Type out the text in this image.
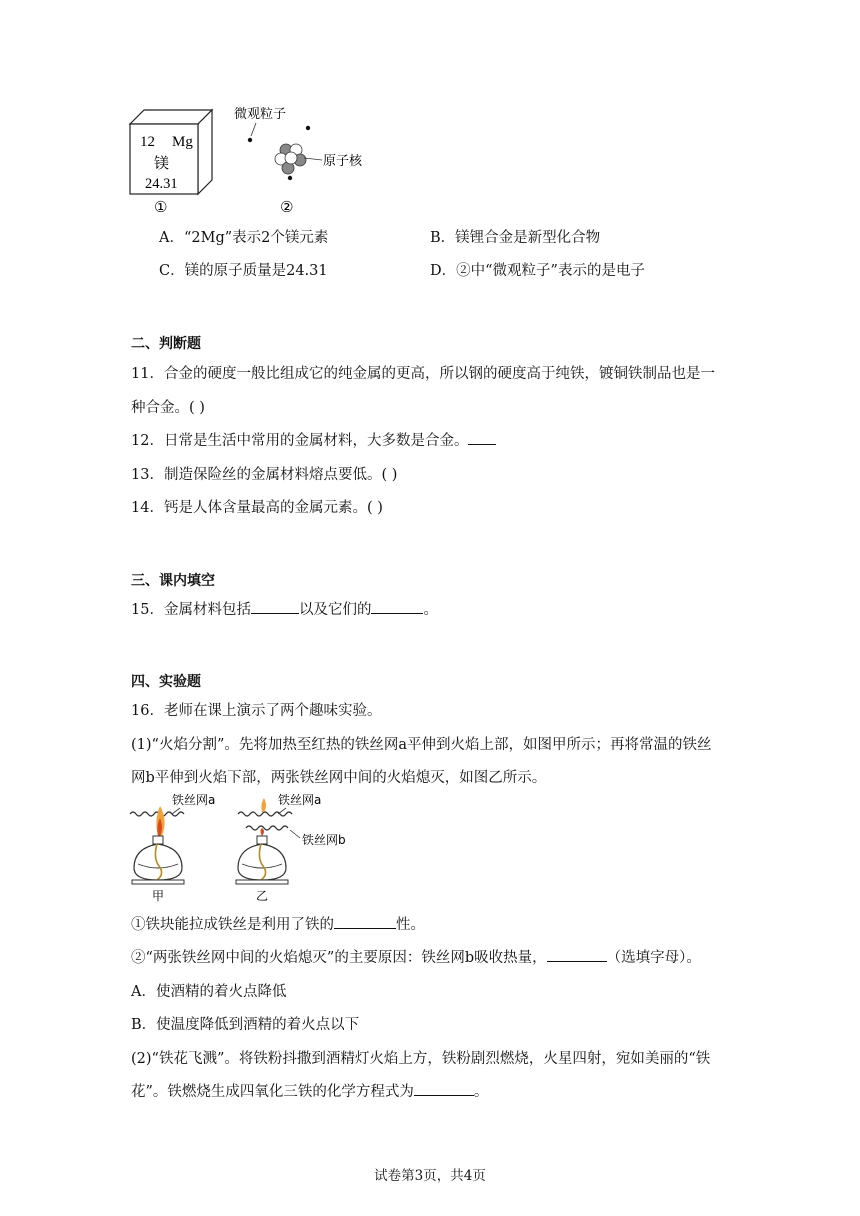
12 Mg
镁
24.31
①
微观粒子
原子核
②
A．“2Mg”表示2个镁元素	B．镁锂合金是新型化合物
C．镁的原子质量是24.31	D．②中“微观粒子”表示的是电子
二、判断题
11．合金的硬度一般比组成它的纯金属的更高，所以钢的硬度高于纯铁，镀铜铁制品也是一
种合金。( )
12．日常是生活中常用的金属材料，大多数是合金。
13．制造保险丝的金属材料熔点要低。( )
14．钙是人体含量最高的金属元素。( )
三、课内填空
15．金属材料包括	以及它们的	。
四、实验题
16．老师在课上演示了两个趣味实验。
(1)“火焰分割”。先将加热至红热的铁丝网a平伸到火焰上部，如图甲所示；再将常温的铁丝
网b平伸到火焰下部，两张铁丝网中间的火焰熄灭，如图乙所示。
铁丝网a
甲
铁丝网a
铁丝网b
乙
①铁块能拉成铁丝是利用了铁的	性。
②“两张铁丝网中间的火焰熄灭”的主要原因：铁丝网b吸收热量，	（选填字母）。
A．使酒精的着火点降低
B．使温度降低到酒精的着火点以下
(2)“铁花飞溅”。将铁粉抖撒到酒精灯火焰上方，铁粉剧烈燃烧，火星四射，宛如美丽的“铁
花”。铁燃烧生成四氧化三铁的化学方程式为	。
试卷第3页，共4页
